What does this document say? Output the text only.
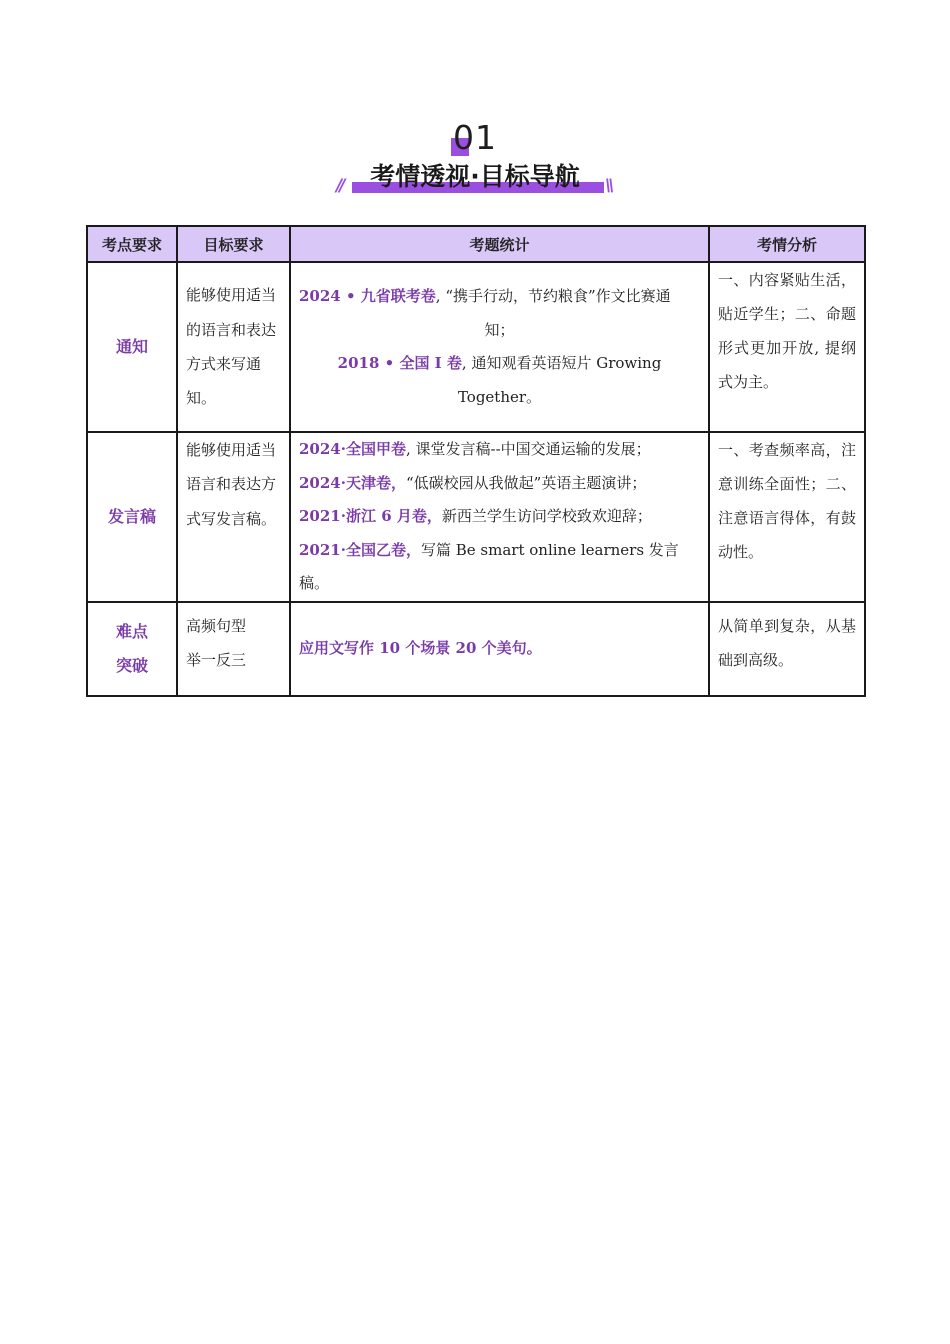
01
考情透视·目标导航
//	\\
考点要求	目标要求	考题统计	考情分析
通知	能够使用适当的语言和表达方式来写通知。	2024 • 九省联考卷, “携手行动，节约粮食”作文比赛通
知；
2018 • 全国 I 卷, 通知观看英语短片 Growing Together。	一、内容紧贴生活，贴近学生；二、命题形式更加开放, 提纲式为主。
发言稿	能够使用适当语言和表达方式写发言稿。	2024·全国甲卷, 课堂发言稿--中国交通运输的发展；
2024·天津卷，“低碳校园从我做起”英语主题演讲；
2021·浙江 6 月卷，新西兰学生访问学校致欢迎辞；
2021·全国乙卷，写篇 Be smart online learners 发言稿。	一、考查频率高，注意训练全面性；二、注意语言得体，有鼓动性。
难点突破	高频句型举一反三	应用文写作 10 个场景 20 个美句。	从简单到复杂，从基础到高级。
